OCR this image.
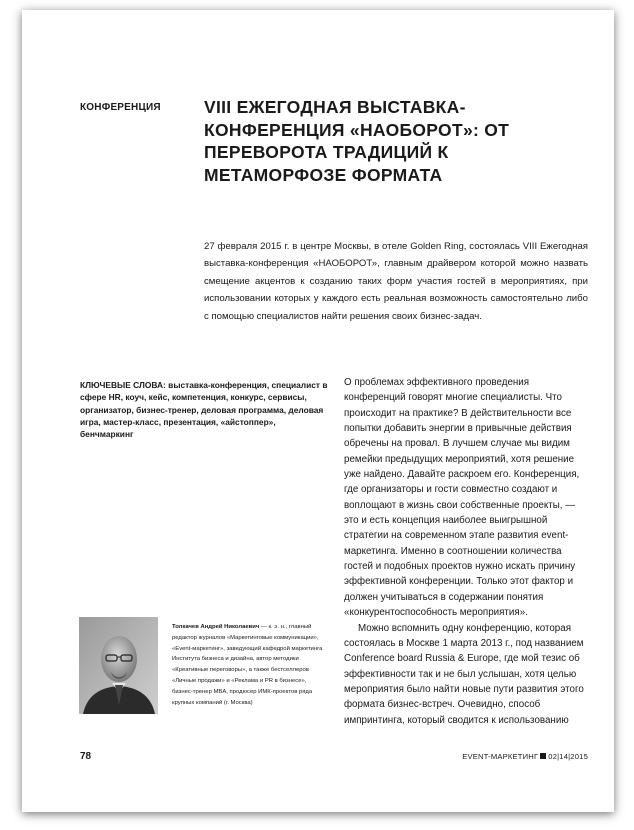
КОНФЕРЕНЦИЯ VIII ЕЖЕГОДНАЯ ВЫСТАВКА-КОНФЕРЕНЦИЯ «НАОБОРОТ»: ОТ ПЕРЕВОРОТА ТРАДИЦИЙ К МЕТАМОРФОЗЕ ФОРМАТА

27 февраля 2015 г. в центре Москвы, в отеле Golden Ring, состоялась VIII Ежегодная выставка-конференция «НАОБОРОТ», главным драйвером которой можно назвать смещение акцентов к созданию таких форм участия гостей в мероприятиях, при использовании которых у каждого есть реальная возможность самостоятельно либо с помощью специалистов найти решения своих бизнес-задач.

КЛЮЧЕВЫЕ СЛОВА: выставка-конференция, специалист в сфере HR, коуч, кейс, компетенция, конкурс, сервисы, организатор, бизнес-тренер, деловая программа, деловая игра, мастер-класс, презентация, «айстоппер», бенчмаркинг

О проблемах эффективного проведения конференций говорят многие специалисты. Что происходит на практике? В действительности все попытки добавить энергии в привычные действия обречены на провал. В лучшем случае мы видим ремейки предыдущих мероприятий, хотя решение уже найдено. Давайте раскроем его. Конференция, где организаторы и гости совместно создают и воплощают в жизнь свои собственные проекты, — это и есть концепция наиболее выигрышной стратегии на современном этапе развития event-маркетинга. Именно в соотношении количества гостей и подобных проектов нужно искать причину эффективной конференции. Только этот фактор и должен учитываться в содержании понятия «конкурентоспособность мероприятия».

Можно вспомнить одну конференцию, которая состоялась в Москве 1 марта 2013 г., под названием Conference board Russia & Europe, где мой тезис об эффективности так и не был услышан, хотя целью мероприятия было найти новые пути развития этого формата бизнес-встреч. Очевидно, способ импринтинга, который сводится к использованию

Толкачев Андрей Николаевич — к. э. н., главный редактор журналов «Маркетинговые коммуникации», «Event-маркетинг», заведующий кафедрой маркетинга Института бизнеса и дизайна, автор методики «Креативные переговоры», а также бестселлеров «Личные продажи» и «Реклама и PR в бизнесе», бизнес-тренер MBA, продюсер ИМК-проектов ряда крупных компаний (г. Москва)

78	EVENT-МАРКЕТИНГ 02|14|2015
